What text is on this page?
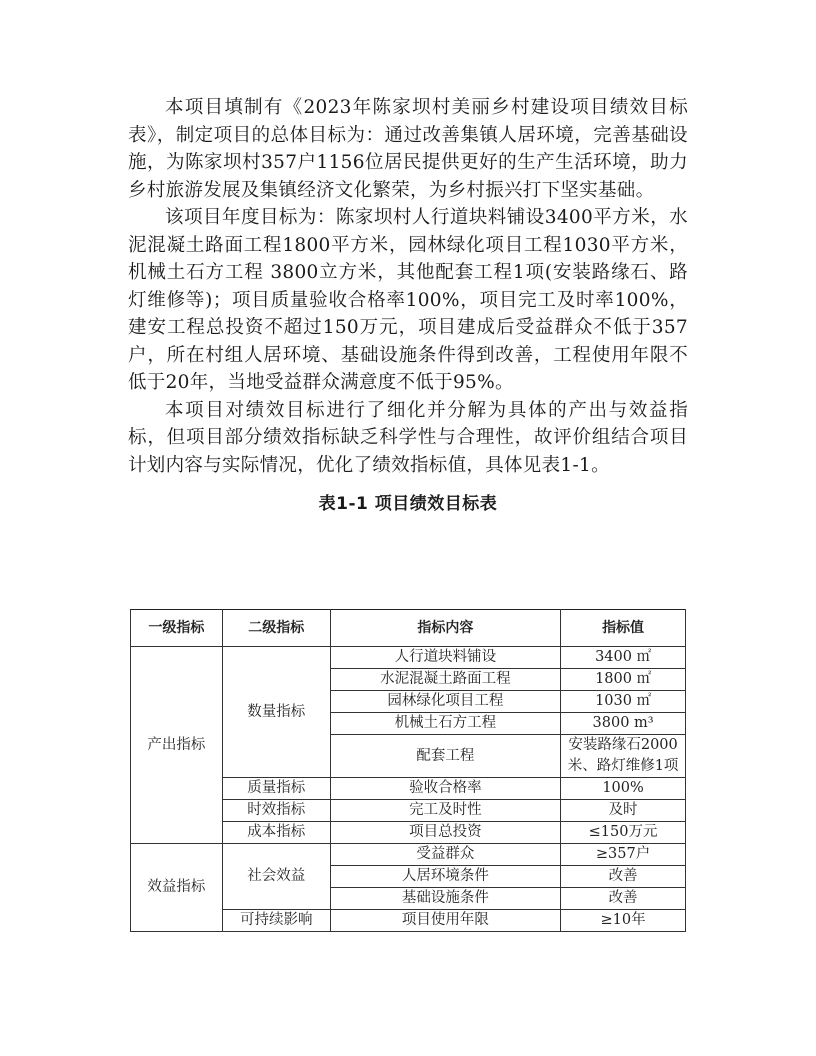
本项目填制有《2023年陈家坝村美丽乡村建设项目绩效目标表》，制定项目的总体目标为：通过改善集镇人居环境，完善基础设施，为陈家坝村357户1156位居民提供更好的生产生活环境，助力乡村旅游发展及集镇经济文化繁荣，为乡村振兴打下坚实基础。

该项目年度目标为：陈家坝村人行道块料铺设3400平方米，水泥混凝土路面工程1800平方米，园林绿化项目工程1030平方米，机械土石方工程 3800立方米，其他配套工程1项(安装路缘石、路灯维修等)；项目质量验收合格率100%，项目完工及时率100%，建安工程总投资不超过150万元，项目建成后受益群众不低于357户，所在村组人居环境、基础设施条件得到改善，工程使用年限不低于20年，当地受益群众满意度不低于95%。

本项目对绩效目标进行了细化并分解为具体的产出与效益指标，但项目部分绩效指标缺乏科学性与合理性，故评价组结合项目计划内容与实际情况，优化了绩效指标值，具体见表1-1。

表1-1 项目绩效目标表
一级指标	二级指标	指标内容	指标值
产出指标	数量指标	人行道块料铺设	3400 ㎡
		水泥混凝土路面工程	1800 ㎡
		园林绿化项目工程	1030 ㎡
		机械土石方工程	3800 m³
		配套工程	安装路缘石2000米、路灯维修1项
	质量指标	验收合格率	100%
	时效指标	完工及时性	及时
	成本指标	项目总投资	≤150万元
效益指标	社会效益	受益群众	≥357户
		人居环境条件	改善
		基础设施条件	改善
	可持续影响	项目使用年限	≥10年
